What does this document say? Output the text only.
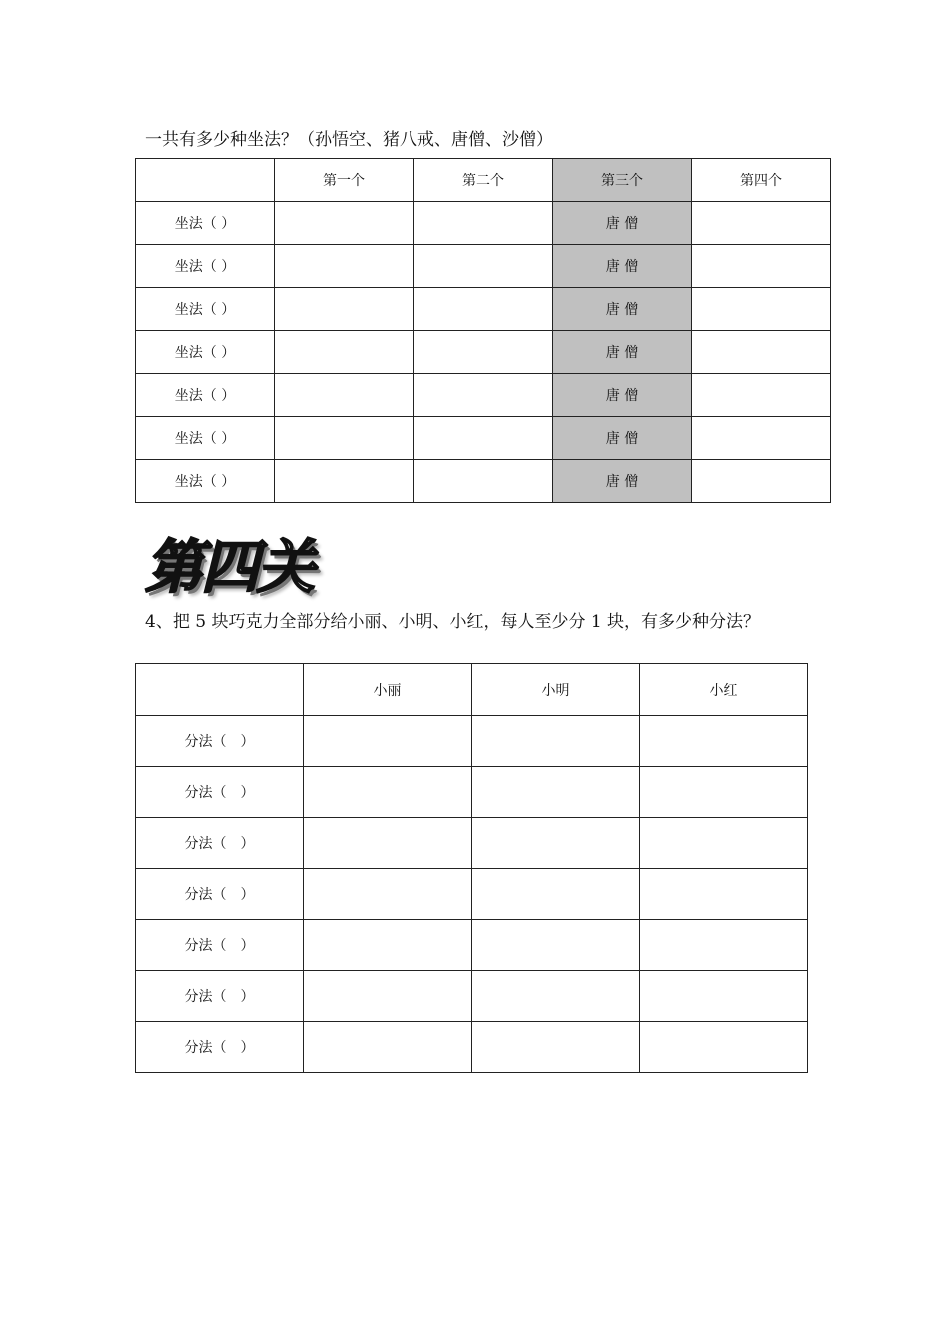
一共有多少种坐法？（孙悟空、猪八戒、唐僧、沙僧）
	第一个	第二个	第三个	第四个
坐法（ ）			唐 僧	
坐法（ ）			唐 僧	
坐法（ ）			唐 僧	
坐法（ ）			唐 僧	
坐法（ ）			唐 僧	
坐法（ ）			唐 僧	
坐法（ ）			唐 僧	
第四关
4、把 5 块巧克力全部分给小丽、小明、小红，每人至少分 1 块，有多少种分法？
	小丽	小明	小红
分法（　）			
分法（　）			
分法（　）			
分法（　）			
分法（　）			
分法（　）			
分法（　）			
